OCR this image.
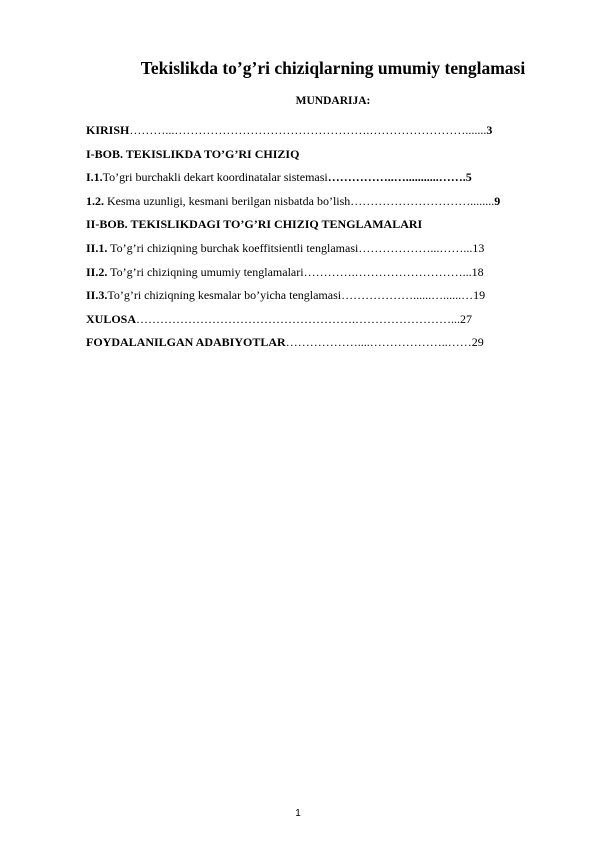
Tekislikda to’g’ri chiziqlarning umumiy tenglamasi
MUNDARIJA:
KIRISH………...………………………………………….…………………….......3
I-BOB. TEKISLIKDA TO’G’RI CHIZIQ
I.1.To’gri burchakli dekart koordinatalar sistemasi……………..…...........…….5
1.2. Kesma uzunligi, kesmani berilgan nisbatda bo’lish…………………………........9
II-BOB. TEKISLIKDAGI TO’G’RI CHIZIQ TENGLAMALARI
II.1. To’g’ri chiziqning burchak koeffitsientli tenglamasi………………...……...13
II.2. To’g’ri chiziqning umumiy tenglamalari………….………………………...18
II.3.To’g’ri chiziqning kesmalar bo’yicha tenglamasi………………......…......…19
XULOSA……………………………………………….……………………...27
FOYDALANILGAN ADABIYOTLAR………………....………………..……29
1
